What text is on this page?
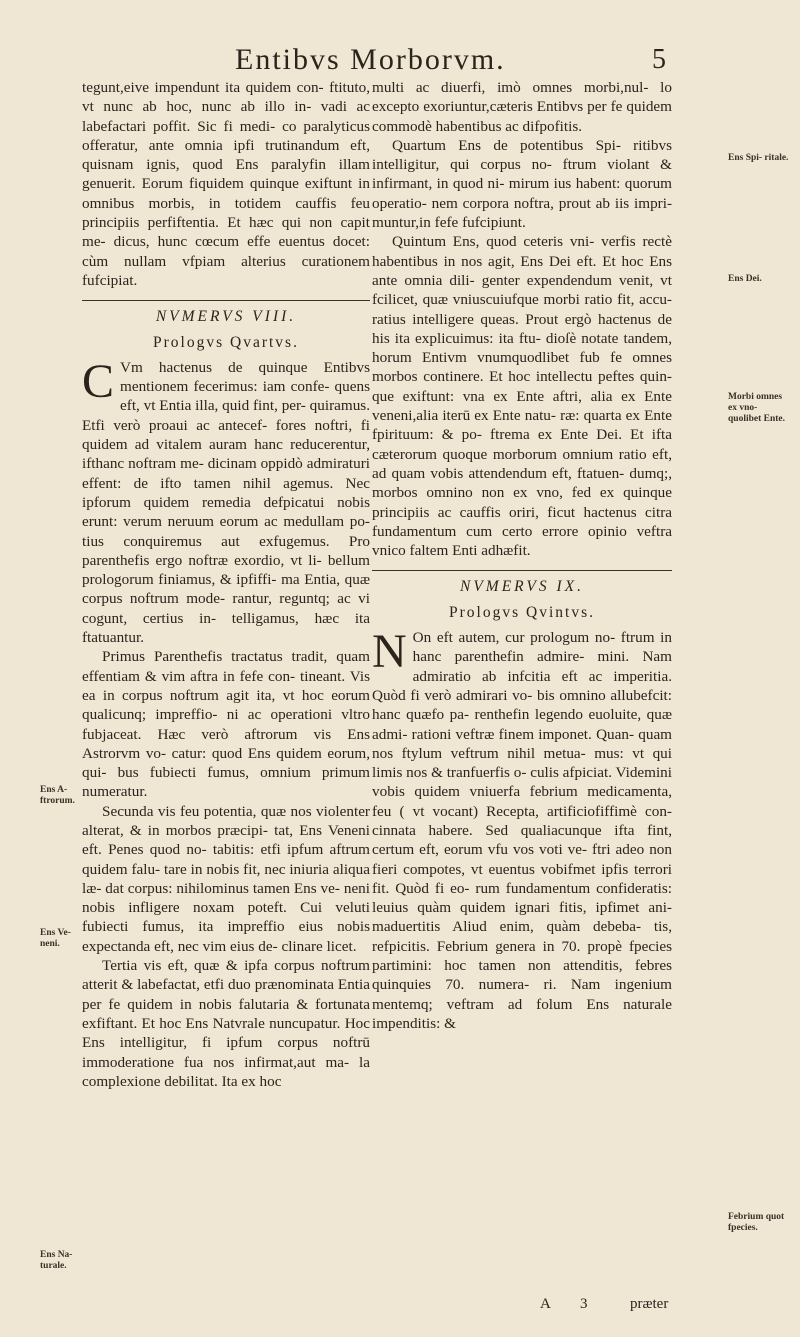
Entibvs Morborvm.	5

tegunt,eive impendunt ita quidem con- ftituto, vt nunc ab hoc, nunc ab illo in- vadi ac labefactari poffit. Sic fi medi- co paralyticus offeratur, ante omnia ipfi trutinandum eft, quisnam ignis, quod Ens paralyfin illam genuerit. Eorum fiquidem quinque exiftunt in omnibus morbis, in totidem cauffis feu principiis perfiftentia. Et hæc qui non capit me- dicus, hunc cœcum effe euentus docet: cùm nullam vfpiam alterius curationem fufcipiat.

NVMERVS VIII.
Prologvs Qvartvs.

C Vm hactenus de quinque Entibvs mentionem fecerimus: iam confe- quens eft, vt Entia illa, quid fint, per- quiramus. Etfi verò proaui ac antecef- fores noftri, fi quidem ad vitalem auram hanc reducerentur, ifthanc noftram me- dicinam oppidò admiraturi effent: de ifto tamen nihil agemus. Nec ipforum quidem remedia defpicatui nobis erunt: verum neruum eorum ac medullam po- tius conquiremus aut exfugemus. Pro parenthefis ergo noftræ exordio, vt li- bellum prologorum finiamus, & ipfiffi- ma Entia, quæ corpus noftrum mode- rantur, reguntq; ac vi cogunt, certius in- telligamus, hæc ita ftatuantur.

Primus Parenthefis tractatus tradit, quam effentiam & vim aftra in fefe con- tineant. Vis ea in corpus noftrum agit ita, vt hoc eorum qualicunq; impreffio- ni ac operationi vltro fubjaceat. Hæc verò aftrorum vis Ens Astrorvm vo- catur: quod Ens quidem eorum, qui- bus fubiecti fumus, omnium primum numeratur.

Secunda vis feu potentia, quæ nos violenter alterat, & in morbos præcipi- tat, Ens Veneni eft. Penes quod no- tabitis: etfi ipfum aftrum quidem falu- tare in nobis fit, nec iniuria aliqua læ- dat corpus: nihilominus tamen Ens ve- neni nobis infligere noxam poteft. Cui veluti fubiecti fumus, ita impreffio eius nobis expectanda eft, nec vim eius de- clinare licet.

Tertia vis eft, quæ & ipfa corpus noftrum atterit & labefactat, etfi duo prænominata Entia per fe quidem in nobis falutaria & fortunata exfiftant. Et hoc Ens Natvrale nuncupatur. Hoc Ens intelligitur, fi ipfum corpus noftrū immoderatione fua nos infirmat,aut ma- la complexione debilitat. Ita ex hoc

multi ac diuerfi, imò omnes morbi,nul- lo excepto exoriuntur,cæteris Entibvs per fe quidem commodè habentibus ac difpofitis.

Quartum Ens de potentibus Spi- ritibvs intelligitur, qui corpus no- ftrum violant & infirmant, in quod ni- mirum ius habent: quorum operatio- nem corpora noftra, prout ab iis impri- muntur,in fefe fufcipiunt.

Quintum Ens, quod ceteris vni- verfis rectè habentibus in nos agit, Ens Dei eft. Et hoc Ens ante omnia dili- genter expendendum venit, vt fcilicet, quæ vniuscuiufque morbi ratio fit, accu- ratius intelligere queas. Prout ergò hactenus de his ita explicuimus: ita ftu- dioſè notate tandem, horum Entivm vnumquodlibet fub fe omnes morbos continere. Et hoc intellectu peftes quin- que exiftunt: vna ex Ente aftri, alia ex Ente veneni,alia iterū ex Ente natu- ræ: quarta ex Ente fpirituum: & po- ftrema ex Ente Dei. Et ifta cæterorum quoque morborum omnium ratio eft, ad quam vobis attendendum eft, ftatuen- dumq;, morbos omnino non ex vno, fed ex quinque principiis ac cauffis oriri, ficut hactenus citra fundamentum cum certo errore opinio veftra vnico faltem Enti adhæfit.

NVMERVS IX.
Prologvs Qvintvs.

N On eft autem, cur prologum no- ftrum in hanc parenthefin admire- mini. Nam admiratio ab infcitia eft ac imperitia. Quòd fi verò admirari vo- bis omnino allubefcit: hanc quæfo pa- renthefin legendo euoluite, quæ admi- rationi veftræ finem imponet. Quan- quam nos ftylum veftrum nihil metua- mus: vt qui limis nos & tranfuerfis o- culis afpiciat. Videmini vobis quidem vniuerfa febrium medicamenta, feu ( vt vocant) Recepta, artificiofiffimè con- cinnata habere. Sed qualiacunque ifta fint, certum eft, eorum vfu vos voti ve- ftri adeo non fieri compotes, vt euentus vobifmet ipfis terrori fit. Quòd fi eo- rum fundamentum confideratis: leuius quàm quidem ignari fitis, ipfimet ani- maduertitis Aliud enim, quàm debeba- tis, refpicitis. Febrium genera in 70. propè fpecies partimini: hoc tamen non attenditis, febres quinquies 70. numera- ri. Nam ingenium mentemq; veftram ad folum Ens naturale impenditis: &

Ens A- ftrorum.
Ens Ve- neni.
Ens Na- turale.
Ens Spi- ritale.
Ens Dei.
Morbi omnes ex vno- quolibet Ente.
Febrium quot fpecies.
A 3	præter
